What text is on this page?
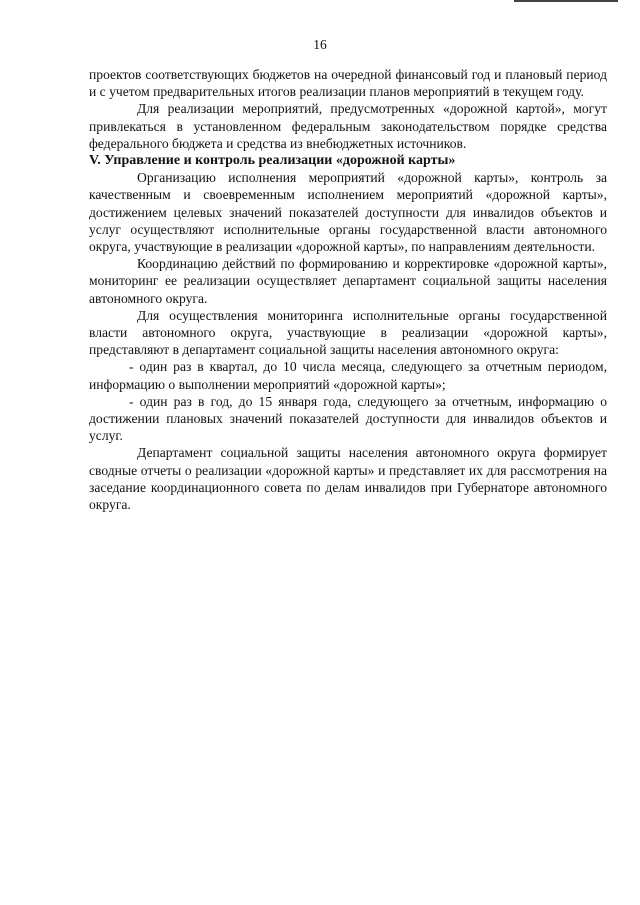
16

проектов соответствующих бюджетов на очередной финансовый год и плановый период и с учетом предварительных итогов реализации планов мероприятий в текущем году.

Для реализации мероприятий, предусмотренных «дорожной картой», могут привлекаться в установленном федеральным законодательством порядке средства федерального бюджета и средства из внебюджетных источников.

V. Управление и контроль реализации «дорожной карты»

Организацию исполнения мероприятий «дорожной карты», контроль за качественным и своевременным исполнением мероприятий «дорожной карты», достижением целевых значений показателей доступности для инвалидов объектов и услуг осуществляют исполнительные органы государственной власти автономного округа, участвующие в реализации «дорожной карты», по направлениям деятельности.

Координацию действий по формированию и корректировке «дорожной карты», мониторинг ее реализации осуществляет департамент социальной защиты населения автономного округа.

Для осуществления мониторинга исполнительные органы государственной власти автономного округа, участвующие в реализации «дорожной карты», представляют в департамент социальной защиты населения автономного округа:

- один раз в квартал, до 10 числа месяца, следующего за отчетным периодом, информацию о выполнении мероприятий «дорожной карты»;

- один раз в год, до 15 января года, следующего за отчетным, информацию о достижении плановых значений показателей доступности для инвалидов объектов и услуг.

Департамент социальной защиты населения автономного округа формирует сводные отчеты о реализации «дорожной карты» и представляет их для рассмотрения на заседание координационного совета по делам инвалидов при Губернаторе автономного округа.
